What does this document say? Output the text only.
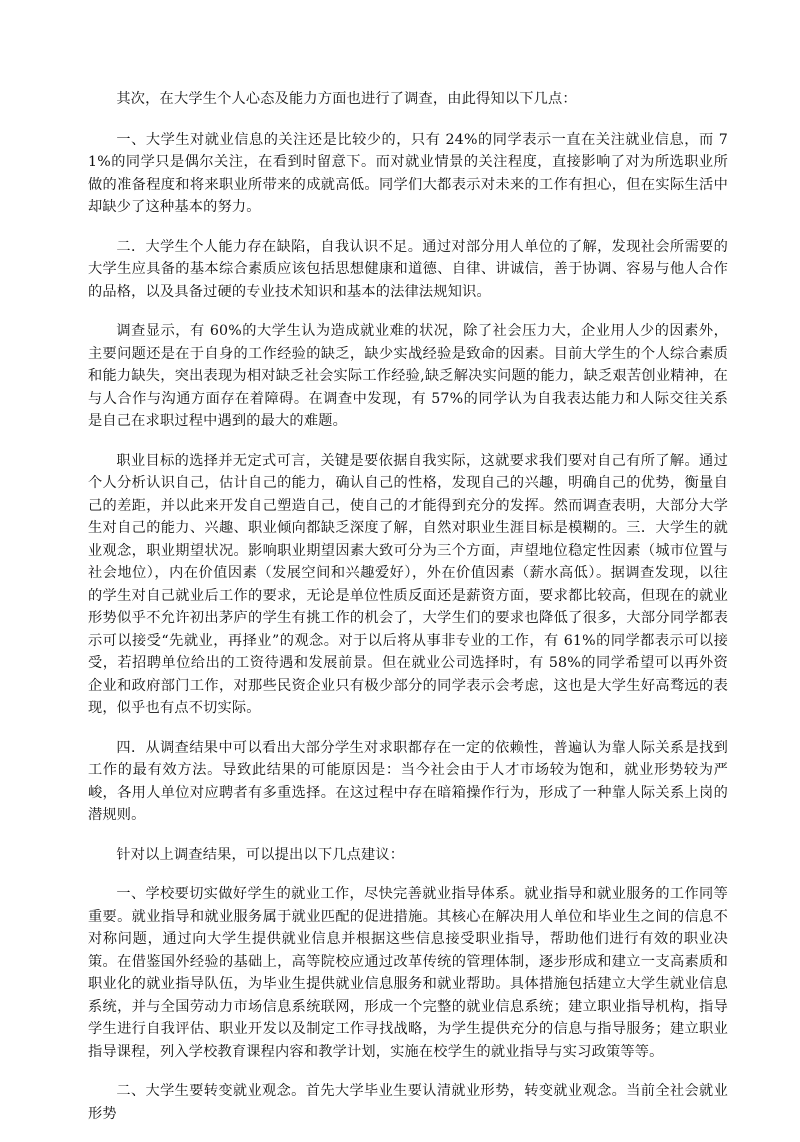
其次，在大学生个人心态及能力方面也进行了调查，由此得知以下几点：

一、大学生对就业信息的关注还是比较少的，只有 24%的同学表示一直在关注就业信息，而 71%的同学只是偶尔关注，在看到时留意下。而对就业情景的关注程度，直接影响了对为所选职业所做的准备程度和将来职业所带来的成就高低。同学们大都表示对未来的工作有担心，但在实际生活中却缺少了这种基本的努力。

二．大学生个人能力存在缺陷，自我认识不足。通过对部分用人单位的了解，发现社会所需要的大学生应具备的基本综合素质应该包括思想健康和道德、自律、讲诚信，善于协调、容易与他人合作的品格，以及具备过硬的专业技术知识和基本的法律法规知识。

调查显示，有 60%的大学生认为造成就业难的状况，除了社会压力大，企业用人少的因素外，主要问题还是在于自身的工作经验的缺乏，缺少实战经验是致命的因素。目前大学生的个人综合素质和能力缺失，突出表现为相对缺乏社会实际工作经验,缺乏解决实问题的能力，缺乏艰苦创业精神，在与人合作与沟通方面存在着障碍。在调查中发现，有 57%的同学认为自我表达能力和人际交往关系是自己在求职过程中遇到的最大的难题。

职业目标的选择并无定式可言，关键是要依据自我实际，这就要求我们要对自己有所了解。通过个人分析认识自己，估计自己的能力，确认自己的性格，发现自己的兴趣，明确自己的优势，衡量自己的差距，并以此来开发自己塑造自己，使自己的才能得到充分的发挥。然而调查表明，大部分大学生对自己的能力、兴趣、职业倾向都缺乏深度了解，自然对职业生涯目标是模糊的。三．大学生的就业观念，职业期望状况。影响职业期望因素大致可分为三个方面，声望地位稳定性因素（城市位置与社会地位），内在价值因素（发展空间和兴趣爱好），外在价值因素（薪水高低）。据调查发现，以往的学生对自己就业后工作的要求，无论是单位性质反面还是薪资方面，要求都比较高，但现在的就业形势似乎不允许初出茅庐的学生有挑工作的机会了，大学生们的要求也降低了很多，大部分同学都表示可以接受“先就业，再择业”的观念。对于以后将从事非专业的工作，有 61%的同学都表示可以接受，若招聘单位给出的工资待遇和发展前景。但在就业公司选择时，有 58%的同学希望可以再外资企业和政府部门工作，对那些民资企业只有极少部分的同学表示会考虑，这也是大学生好高骛远的表现，似乎也有点不切实际。

四．从调查结果中可以看出大部分学生对求职都存在一定的依赖性，普遍认为靠人际关系是找到工作的最有效方法。导致此结果的可能原因是：当今社会由于人才市场较为饱和，就业形势较为严峻，各用人单位对应聘者有多重选择。在这过程中存在暗箱操作行为，形成了一种靠人际关系上岗的潜规则。

针对以上调查结果，可以提出以下几点建议：

一、学校要切实做好学生的就业工作，尽快完善就业指导体系。就业指导和就业服务的工作同等重要。就业指导和就业服务属于就业匹配的促进措施。其核心在解决用人单位和毕业生之间的信息不对称问题，通过向大学生提供就业信息并根据这些信息接受职业指导，帮助他们进行有效的职业决策。在借鉴国外经验的基础上，高等院校应通过改革传统的管理体制，逐步形成和建立一支高素质和职业化的就业指导队伍，为毕业生提供就业信息服务和就业帮助。具体措施包括建立大学生就业信息系统，并与全国劳动力市场信息系统联网，形成一个完整的就业信息系统；建立职业指导机构，指导学生进行自我评估、职业开发以及制定工作寻找战略，为学生提供充分的信息与指导服务；建立职业指导课程，列入学校教育课程内容和教学计划，实施在校学生的就业指导与实习政策等等。

二、大学生要转变就业观念。首先大学毕业生要认清就业形势，转变就业观念。当前全社会就业形势
